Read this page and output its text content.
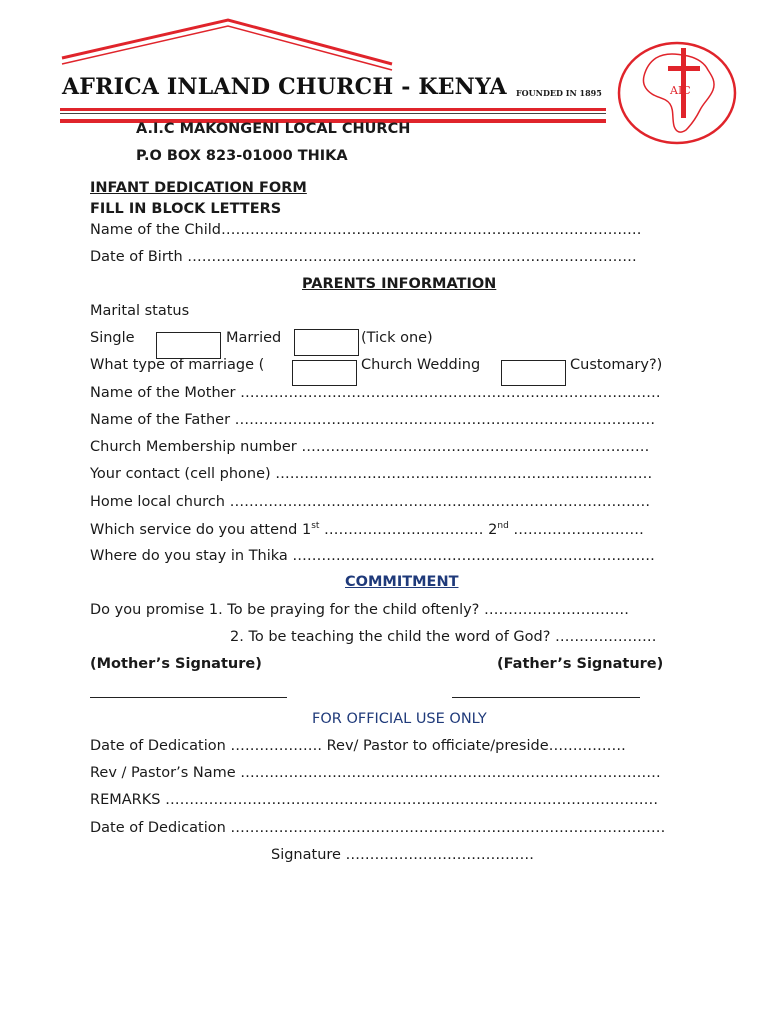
AFRICA INLAND CHURCH - KENYA FOUNDED IN 1895	AIC
A.I.C MAKONGENI LOCAL CHURCH
P.O BOX 823-01000 THIKA
INFANT DEDICATION FORM
FILL IN BLOCK LETTERS
Name of the Child……………………………………………………………………………
Date of Birth …………………………………………………………………………………
PARENTS INFORMATION
Marital status
Single	Married	(Tick one)
What type of marriage (	Church Wedding	Customary?)
Name of the Mother ……………………………………………………………………………
Name of the Father ……………………………………………………………………………
Church Membership number ………………………………………………………………
Your contact (cell phone) ……………………………………………………………………
Home local church ……………………………………………………………………………
Which service do you attend 1st …………………………… 2nd ………………………
Where do you stay in Thika …………………………………………………………………
COMMITMENT
Do you promise 1. To be praying for the child oftenly? …………………………
2. To be teaching the child the word of God? …………………
(Mother’s Signature)	(Father’s Signature)
FOR OFFICIAL USE ONLY
Date of Dedication ………………. Rev/ Pastor to officiate/preside…………….
Rev / Pastor’s Name ……………………………………………………………………………
REMARKS …………………………………………………………………………………………
Date of Dedication ………………………………………………………………………………
Signature …………………………………
